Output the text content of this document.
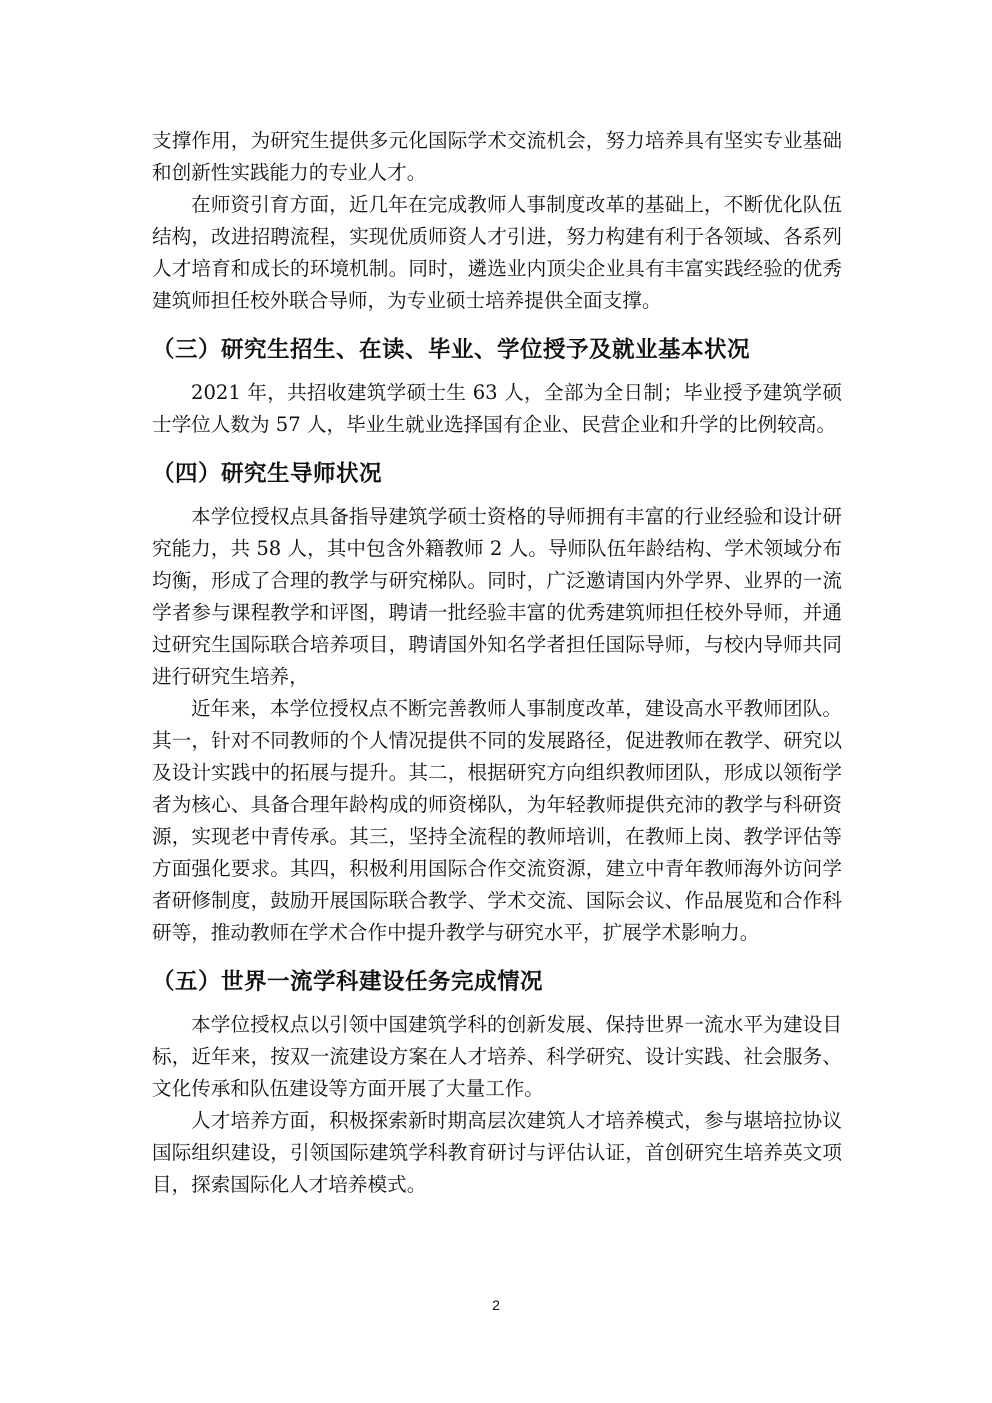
支撑作用，为研究生提供多元化国际学术交流机会，努力培养具有坚实专业基础和创新性实践能力的专业人才。

在师资引育方面，近几年在完成教师人事制度改革的基础上，不断优化队伍结构，改进招聘流程，实现优质师资人才引进，努力构建有利于各领域、各系列人才培育和成长的环境机制。同时，遴选业内顶尖企业具有丰富实践经验的优秀建筑师担任校外联合导师，为专业硕士培养提供全面支撑。

（三）研究生招生、在读、毕业、学位授予及就业基本状况

2021 年，共招收建筑学硕士生 63 人，全部为全日制；毕业授予建筑学硕士学位人数为 57 人，毕业生就业选择国有企业、民营企业和升学的比例较高。

（四）研究生导师状况

本学位授权点具备指导建筑学硕士资格的导师拥有丰富的行业经验和设计研究能力，共 58 人，其中包含外籍教师 2 人。导师队伍年龄结构、学术领域分布均衡，形成了合理的教学与研究梯队。同时，广泛邀请国内外学界、业界的一流学者参与课程教学和评图，聘请一批经验丰富的优秀建筑师担任校外导师，并通过研究生国际联合培养项目，聘请国外知名学者担任国际导师，与校内导师共同进行研究生培养，

近年来，本学位授权点不断完善教师人事制度改革，建设高水平教师团队。其一，针对不同教师的个人情况提供不同的发展路径，促进教师在教学、研究以及设计实践中的拓展与提升。其二，根据研究方向组织教师团队，形成以领衔学者为核心、具备合理年龄构成的师资梯队，为年轻教师提供充沛的教学与科研资源，实现老中青传承。其三，坚持全流程的教师培训，在教师上岗、教学评估等方面强化要求。其四，积极利用国际合作交流资源，建立中青年教师海外访问学者研修制度，鼓励开展国际联合教学、学术交流、国际会议、作品展览和合作科研等，推动教师在学术合作中提升教学与研究水平，扩展学术影响力。

（五）世界一流学科建设任务完成情况

本学位授权点以引领中国建筑学科的创新发展、保持世界一流水平为建设目标，近年来，按双一流建设方案在人才培养、科学研究、设计实践、社会服务、文化传承和队伍建设等方面开展了大量工作。

人才培养方面，积极探索新时期高层次建筑人才培养模式，参与堪培拉协议国际组织建设，引领国际建筑学科教育研讨与评估认证，首创研究生培养英文项目，探索国际化人才培养模式。

2
